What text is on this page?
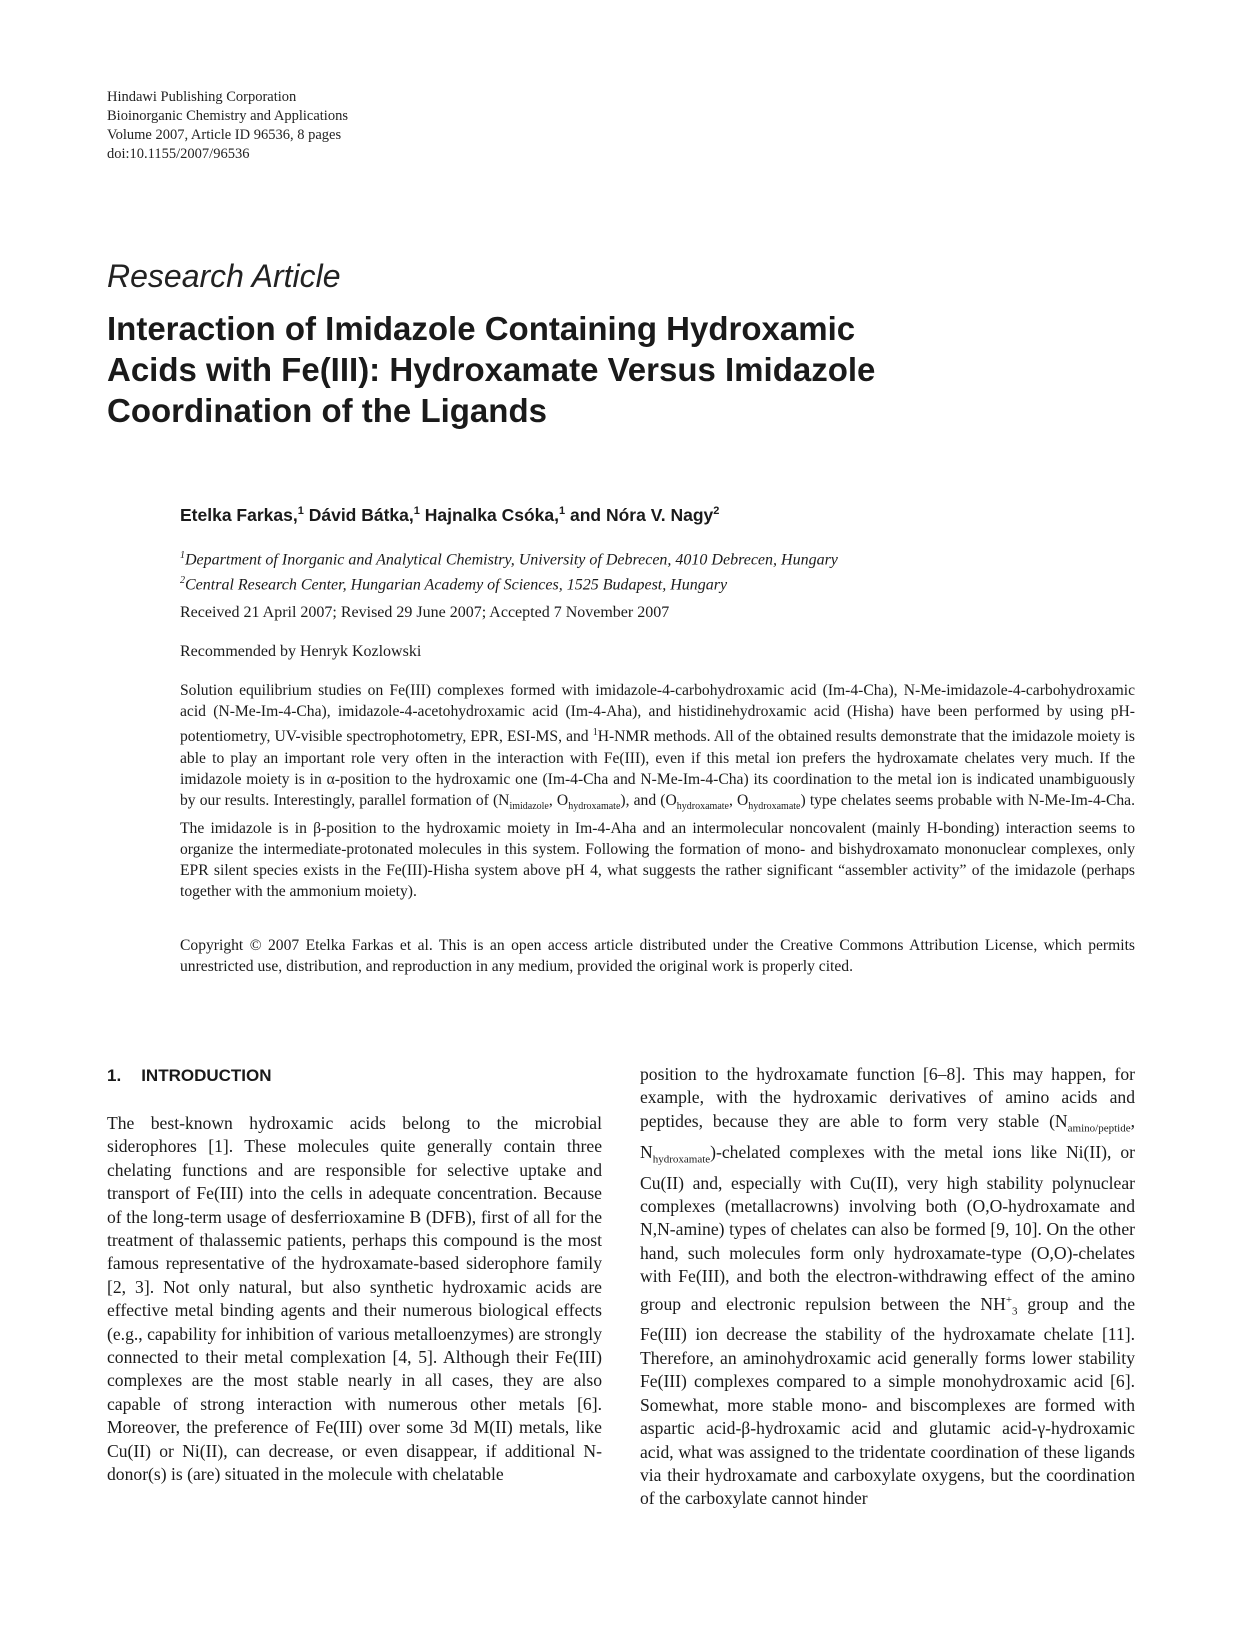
Hindawi Publishing Corporation
Bioinorganic Chemistry and Applications
Volume 2007, Article ID 96536, 8 pages
doi:10.1155/2007/96536
Research Article
Interaction of Imidazole Containing Hydroxamic
Acids with Fe(III): Hydroxamate Versus Imidazole
Coordination of the Ligands
Etelka Farkas,$^1$ Dávid Bátka,$^1$ Hajnalka Csóka,$^1$ and Nóra V. Nagy$^2$
$^1$Department of Inorganic and Analytical Chemistry, University of Debrecen, 4010 Debrecen, Hungary
$^2$Central Research Center, Hungarian Academy of Sciences, 1525 Budapest, Hungary
Received 21 April 2007; Revised 29 June 2007; Accepted 7 November 2007
Recommended by Henryk Kozlowski
Solution equilibrium studies on Fe(III) complexes formed with imidazole-4-carbohydroxamic acid (Im-4-Cha), N-Me-imidazole-4-carbohydroxamic acid (N-Me-Im-4-Cha), imidazole-4-acetohydroxamic acid (Im-4-Aha), and histidinehydroxamic acid (Hisha) have been performed by using pH-potentiometry, UV-visible spectrophotometry, EPR, ESI-MS, and $^1$H-NMR methods. All of the obtained results demonstrate that the imidazole moiety is able to play an important role very often in the interaction with Fe(III), even if this metal ion prefers the hydroxamate chelates very much. If the imidazole moiety is in α-position to the hydroxamic one (Im-4-Cha and N-Me-Im-4-Cha) its coordination to the metal ion is indicated unambiguously by our results. Interestingly, parallel formation of ($N_{imidazole}$, $O_{hydroxamate}$), and ($O_{hydroxamate}$, $O_{hydroxamate}$) type chelates seems probable with N-Me-Im-4-Cha. The imidazole is in β-position to the hydroxamic moiety in Im-4-Aha and an intermolecular noncovalent (mainly H-bonding) interaction seems to organize the intermediate-protonated molecules in this system. Following the formation of mono- and bishydroxamato mononuclear complexes, only EPR silent species exists in the Fe(III)-Hisha system above pH 4, what suggests the rather significant “assembler activity” of the imidazole (perhaps together with the ammonium moiety).
Copyright © 2007 Etelka Farkas et al. This is an open access article distributed under the Creative Commons Attribution License, which permits unrestricted use, distribution, and reproduction in any medium, provided the original work is properly cited.
1. INTRODUCTION
The best-known hydroxamic acids belong to the microbial siderophores [1]. These molecules quite generally contain three chelating functions and are responsible for selective uptake and transport of Fe(III) into the cells in adequate concentration. Because of the long-term usage of desferrioxamine B (DFB), first of all for the treatment of thalassemic patients, perhaps this compound is the most famous representative of the hydroxamate-based siderophore family [2, 3]. Not only natural, but also synthetic hydroxamic acids are effective metal binding agents and their numerous biological effects (e.g., capability for inhibition of various metalloenzymes) are strongly connected to their metal complexation [4, 5]. Although their Fe(III) complexes are the most stable nearly in all cases, they are also capable of strong interaction with numerous other metals [6]. Moreover, the preference of Fe(III) over some 3d M(II) metals, like Cu(II) or Ni(II), can decrease, or even disappear, if additional N-donor(s) is (are) situated in the molecule with chelatable
position to the hydroxamate function [6–8]. This may happen, for example, with the hydroxamic derivatives of amino acids and peptides, because they are able to form very stable ($N_{amino/peptide}$, $N_{hydroxamate}$)-chelated complexes with the metal ions like Ni(II), or Cu(II) and, especially with Cu(II), very high stability polynuclear complexes (metallacrowns) involving both (O,O-hydroxamate and N,N-amine) types of chelates can also be formed [9, 10]. On the other hand, such molecules form only hydroxamate-type (O,O)-chelates with Fe(III), and both the electron-withdrawing effect of the amino group and electronic repulsion between the $NH^+_3$ group and the Fe(III) ion decrease the stability of the hydroxamate chelate [11]. Therefore, an aminohydroxamic acid generally forms lower stability Fe(III) complexes compared to a simple monohydroxamic acid [6]. Somewhat, more stable mono- and biscomplexes are formed with aspartic acid-β-hydroxamic acid and glutamic acid-γ-hydroxamic acid, what was assigned to the tridentate coordination of these ligands via their hydroxamate and carboxylate oxygens, but the coordination of the carboxylate cannot hinder
